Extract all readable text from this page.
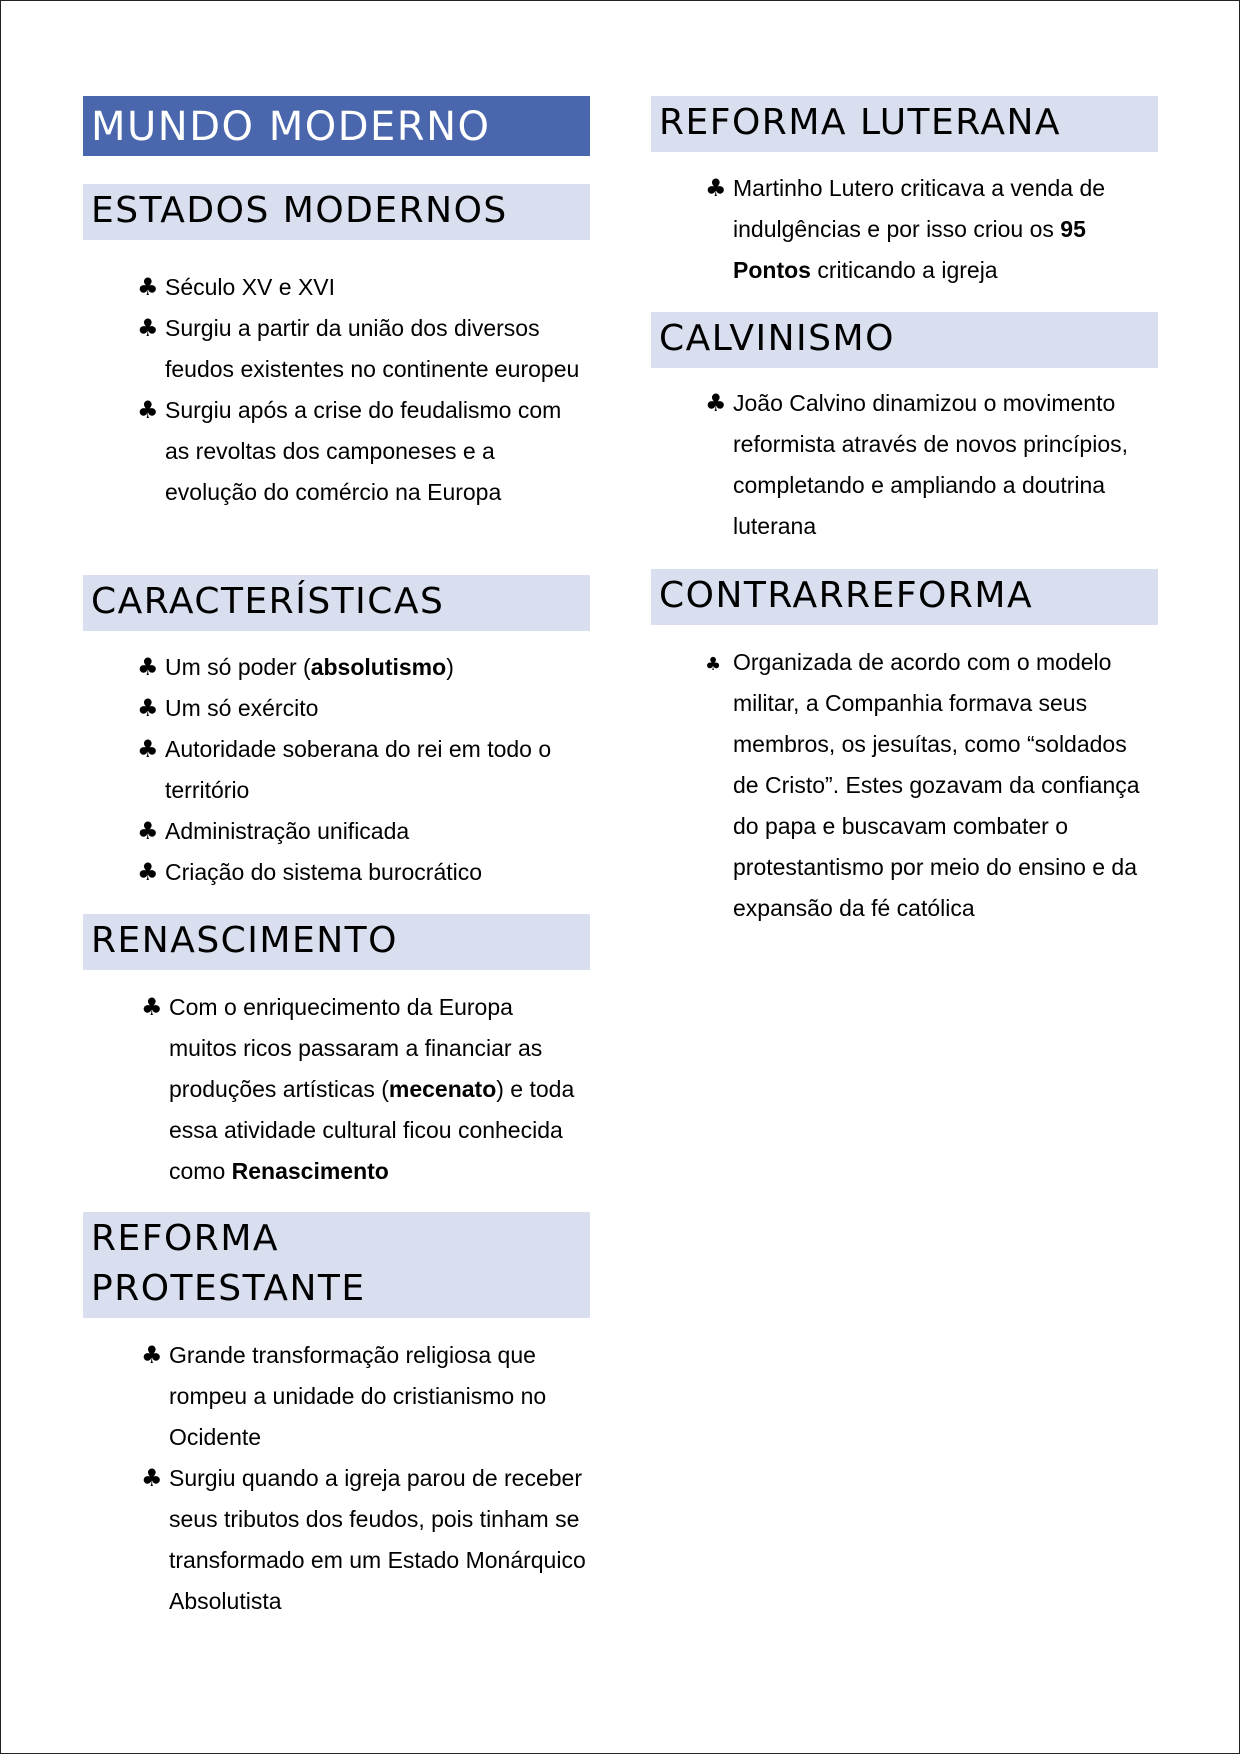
MUNDO MODERNO
ESTADOS MODERNOS
♣ Século XV e XVI
♣ Surgiu a partir da união dos diversos feudos existentes no continente europeu
♣ Surgiu após a crise do feudalismo com as revoltas dos camponeses e a evolução do comércio na Europa
CARACTERÍSTICAS
♣ Um só poder (absolutismo)
♣ Um só exército
♣ Autoridade soberana do rei em todo o território
♣ Administração unificada
♣ Criação do sistema burocrático
RENASCIMENTO
♣ Com o enriquecimento da Europa muitos ricos passaram a financiar as produções artísticas (mecenato) e toda essa atividade cultural ficou conhecida como Renascimento
REFORMA PROTESTANTE
♣ Grande transformação religiosa que rompeu a unidade do cristianismo no Ocidente
♣ Surgiu quando a igreja parou de receber seus tributos dos feudos, pois tinham se transformado em um Estado Monárquico Absolutista
REFORMA LUTERANA
♣ Martinho Lutero criticava a venda de indulgências e por isso criou os 95 Pontos criticando a igreja
CALVINISMO
♣ João Calvino dinamizou o movimento reformista através de novos princípios, completando e ampliando a doutrina luterana
CONTRARREFORMA
♣ Organizada de acordo com o modelo militar, a Companhia formava seus membros, os jesuítas, como “soldados de Cristo”. Estes gozavam da confiança do papa e buscavam combater o protestantismo por meio do ensino e da expansão da fé católica
